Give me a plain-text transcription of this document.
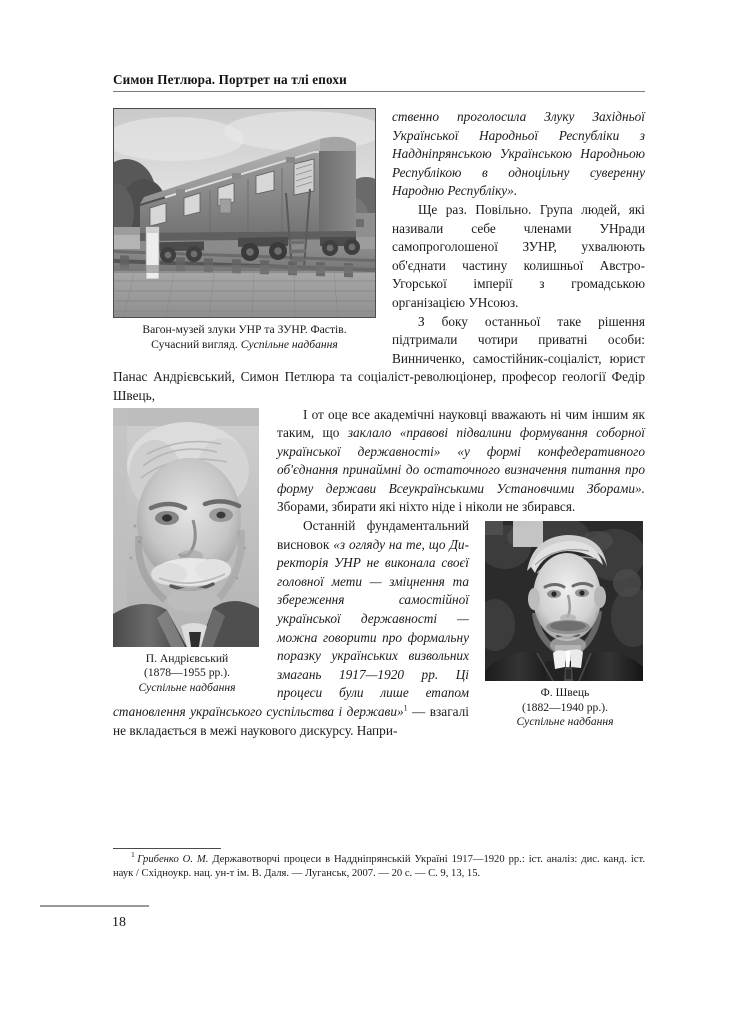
Симон Петлюра. Портрет на тлі епохи
Вагон-музей злуки УНР та ЗУНР. Фастів.
Сучасний вигляд. Суспільне надбання

ственно проголосила Злуку Західньої Української Народньої Республіки з Наддніпрянською Українською Народньою Республікою в одноцільну суверенну Народню Республіку».

Ще раз. Повільно. Група людей, які називали себе членами УНради самопроголошеної ЗУНР, ухвалюють об'єднати частину колишньої Австро-Угорської імперії з громадською організацією УНсоюз.

З боку останньої таке рішення підтримали чотири приватні особи: Винниченко, самостійник-соціаліст, юрист Панас Андрієвський, Симон Петлюра та соціаліст-революціонер, професор геології Федір Швець,

П. Андрієвський
(1878—1955 рр.).
Суспільне надбання

І от оце все академічні науковці вважають ні чим іншим як таким, що заклало «правові підвалини формування соборної української державності» «у формі конфедеративного об'єднання принаймні до остаточного визначення питання про форму держави Всеукраїнськими Установчими Зборами». Зборами, збирати які ніхто ніде і ніколи не збирався.

Ф. Швець
(1882—1940 рр.).
Суспільне надбання

Останній фундаментальний висновок «з огляду на те, що Директорія УНР не виконала своєї головної мети — зміцнення та збереження самостійної української державності — можна говорити про формальну поразку українських визвольних змагань 1917—1920 рр. Ці процеси були лише етапом становлення українського суспільства і держави»$^1$ — взагалі не вкладається в межі наукового дискурсу. Напри-

$^1$ Грибенко О. М. Державотворчі процеси в Наддніпрянській Україні 1917—1920 рр.: іст. аналіз: дис. канд. іст. наук / Східноукр. нац. ун-т ім. В. Даля. — Луганськ, 2007. — 20 с. — С. 9, 13, 15.
18
